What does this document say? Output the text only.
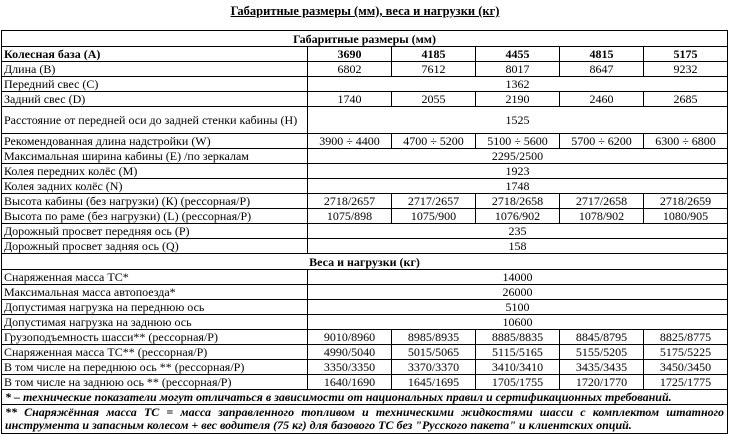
Габаритные размеры (мм), веса и нагрузки (кг)
Габаритные размеры (мм)					
Колесная база (А)	3690	4185	4455	4815	5175
Длина (В)	6802	7612	8017	8647	9232
Передний свес (С)	1362				
Задний свес (D)	1740	2055	2190	2460	2685
Расстояние от передней оси до задней стенки кабины (Н)	1525				
Рекомендованная длина надстройки (W)	3900 ÷ 4400	4700 ÷ 5200	5100 ÷ 5600	5700 ÷ 6200	6300 ÷ 6800
Максимальная ширина кабины (Е) /по зеркалам	2295/2500				
Колея передних колёс (М)	1923				
Колея задних колёс (N)	1748				
Высота кабины (без нагрузки) (К) (рессорная/Р)	2718/2657	2717/2657	2718/2658	2717/2658	2718/2659
Высота по раме (без нагрузки) (L) (рессорная/Р)	1075/898	1075/900	1076/902	1078/902	1080/905
Дорожный просвет передняя ось (Р)	235				
Дорожный просвет задняя ось (Q)	158				
Веса и нагрузки (кг)					
Снаряженная масса ТС*	14000				
Максимальная масса автопоезда*	26000				
Допустимая нагрузка на переднюю ось	5100				
Допустимая нагрузка на заднюю ось	10600				
Грузоподъемность шасси** (рессорная/Р)	9010/8960	8985/8935	8885/8835	8845/8795	8825/8775
Снаряженная масса ТС** (рессорная/Р)	4990/5040	5015/5065	5115/5165	5155/5205	5175/5225
В том числе на переднюю ось ** (рессорная/Р)	3350/3350	3370/3370	3410/3410	3435/3435	3450/3450
В том числе на заднюю ось ** (рессорная/Р)	1640/1690	1645/1695	1705/1755	1720/1770	1725/1775
* – технические показатели могут отличаться в зависимости от национальных правил и сертификационных требований.					
** Снаряжённая масса ТС = масса заправленного топливом и техническими жидкостями шасси с комплектом штатного инструмента и запасным колесом + вес водителя (75 кг) для базового ТС без "Русского пакета" и клиентских опций.					
